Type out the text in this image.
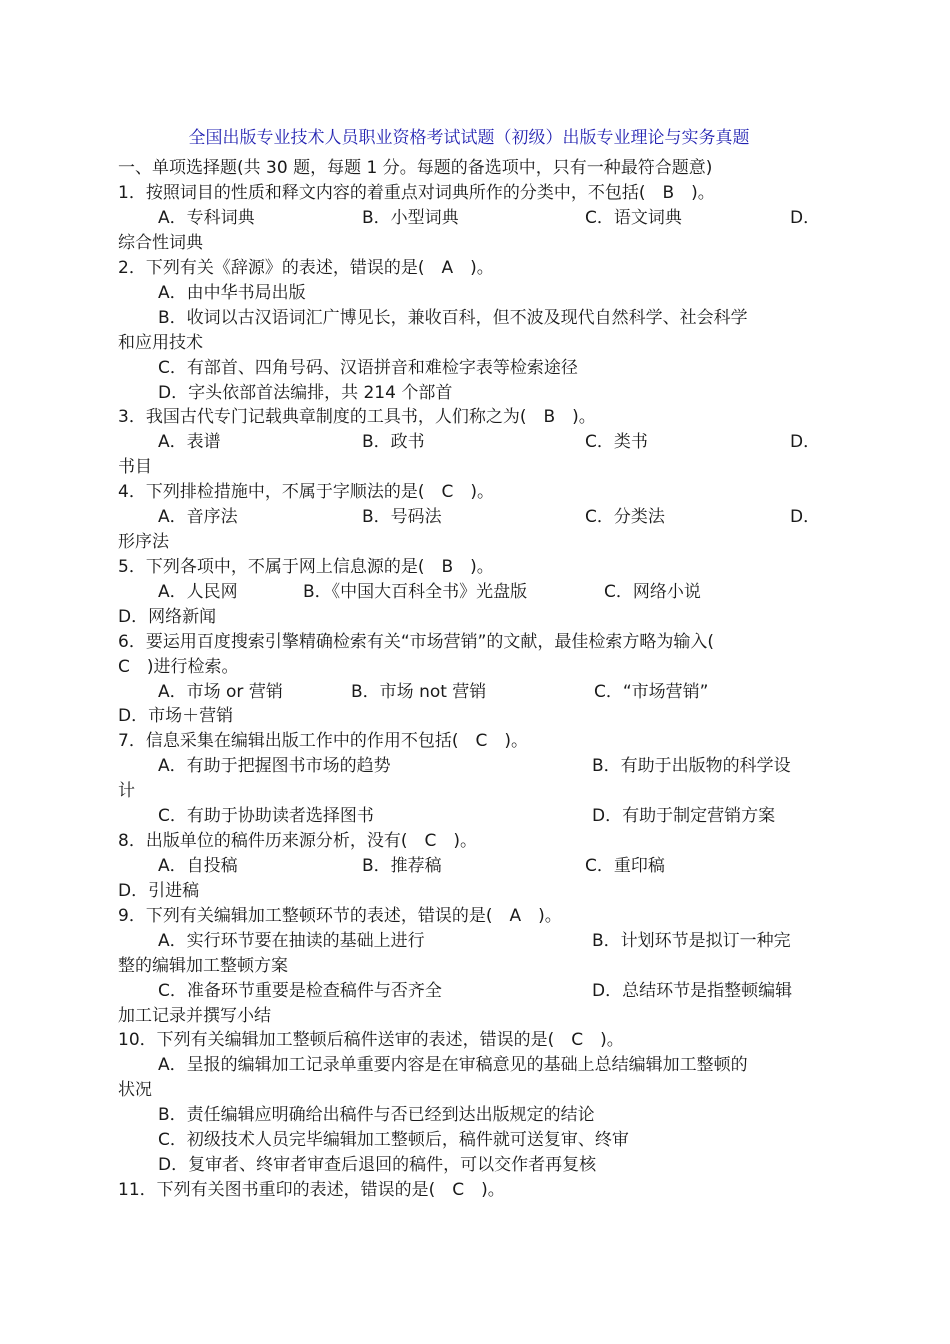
全国出版专业技术人员职业资格考试试题（初级）出版专业理论与实务真题
一、单项选择题(共 30 题，每题 1 分。每题的备选项中，只有一种最符合题意)
1．按照词目的性质和释文内容的着重点对词典所作的分类中，不包括(　B　)。
A．专科词典	B．小型词典	C．语文词典	D．
综合性词典
2．下列有关《辞源》的表述，错误的是(　A　)。
A．由中华书局出版
B．收词以古汉语词汇广博见长，兼收百科，但不波及现代自然科学、社会科学
和应用技术
C．有部首、四角号码、汉语拼音和难检字表等检索途径
D．字头依部首法编排，共 214 个部首
3．我国古代专门记载典章制度的工具书，人们称之为(　B　)。
A．表谱	B．政书	C．类书	D．
书目
4．下列排检措施中，不属于字顺法的是(　C　)。
A．音序法	B．号码法	C．分类法	D．
形序法
5．下列各项中，不属于网上信息源的是(　B　)。
A．人民网	B．《中国大百科全书》光盘版	C．网络小说
D．网络新闻
6．要运用百度搜索引擎精确检索有关“市场营销”的文献，最佳检索方略为输入(
C　)进行检索。
A．市场 or 营销	B．市场 not 营销	C．“市场营销”
D．市场＋营销
7．信息采集在编辑出版工作中的作用不包括(　C　)。
A．有助于把握图书市场的趋势	B．有助于出版物的科学设
计
C．有助于协助读者选择图书	D．有助于制定营销方案
8．出版单位的稿件历来源分析，没有(　C　)。
A．自投稿	B．推荐稿	C．重印稿
D．引进稿
9．下列有关编辑加工整顿环节的表述，错误的是(　A　)。
A．实行环节要在抽读的基础上进行	B．计划环节是拟订一种完
整的编辑加工整顿方案
C．准备环节重要是检查稿件与否齐全	D．总结环节是指整顿编辑
加工记录并撰写小结
10．下列有关编辑加工整顿后稿件送审的表述，错误的是(　C　)。
A．呈报的编辑加工记录单重要内容是在审稿意见的基础上总结编辑加工整顿的
状况
B．责任编辑应明确给出稿件与否已经到达出版规定的结论
C．初级技术人员完毕编辑加工整顿后，稿件就可送复审、终审
D．复审者、终审者审查后退回的稿件，可以交作者再复核
11．下列有关图书重印的表述，错误的是(　C　)。
